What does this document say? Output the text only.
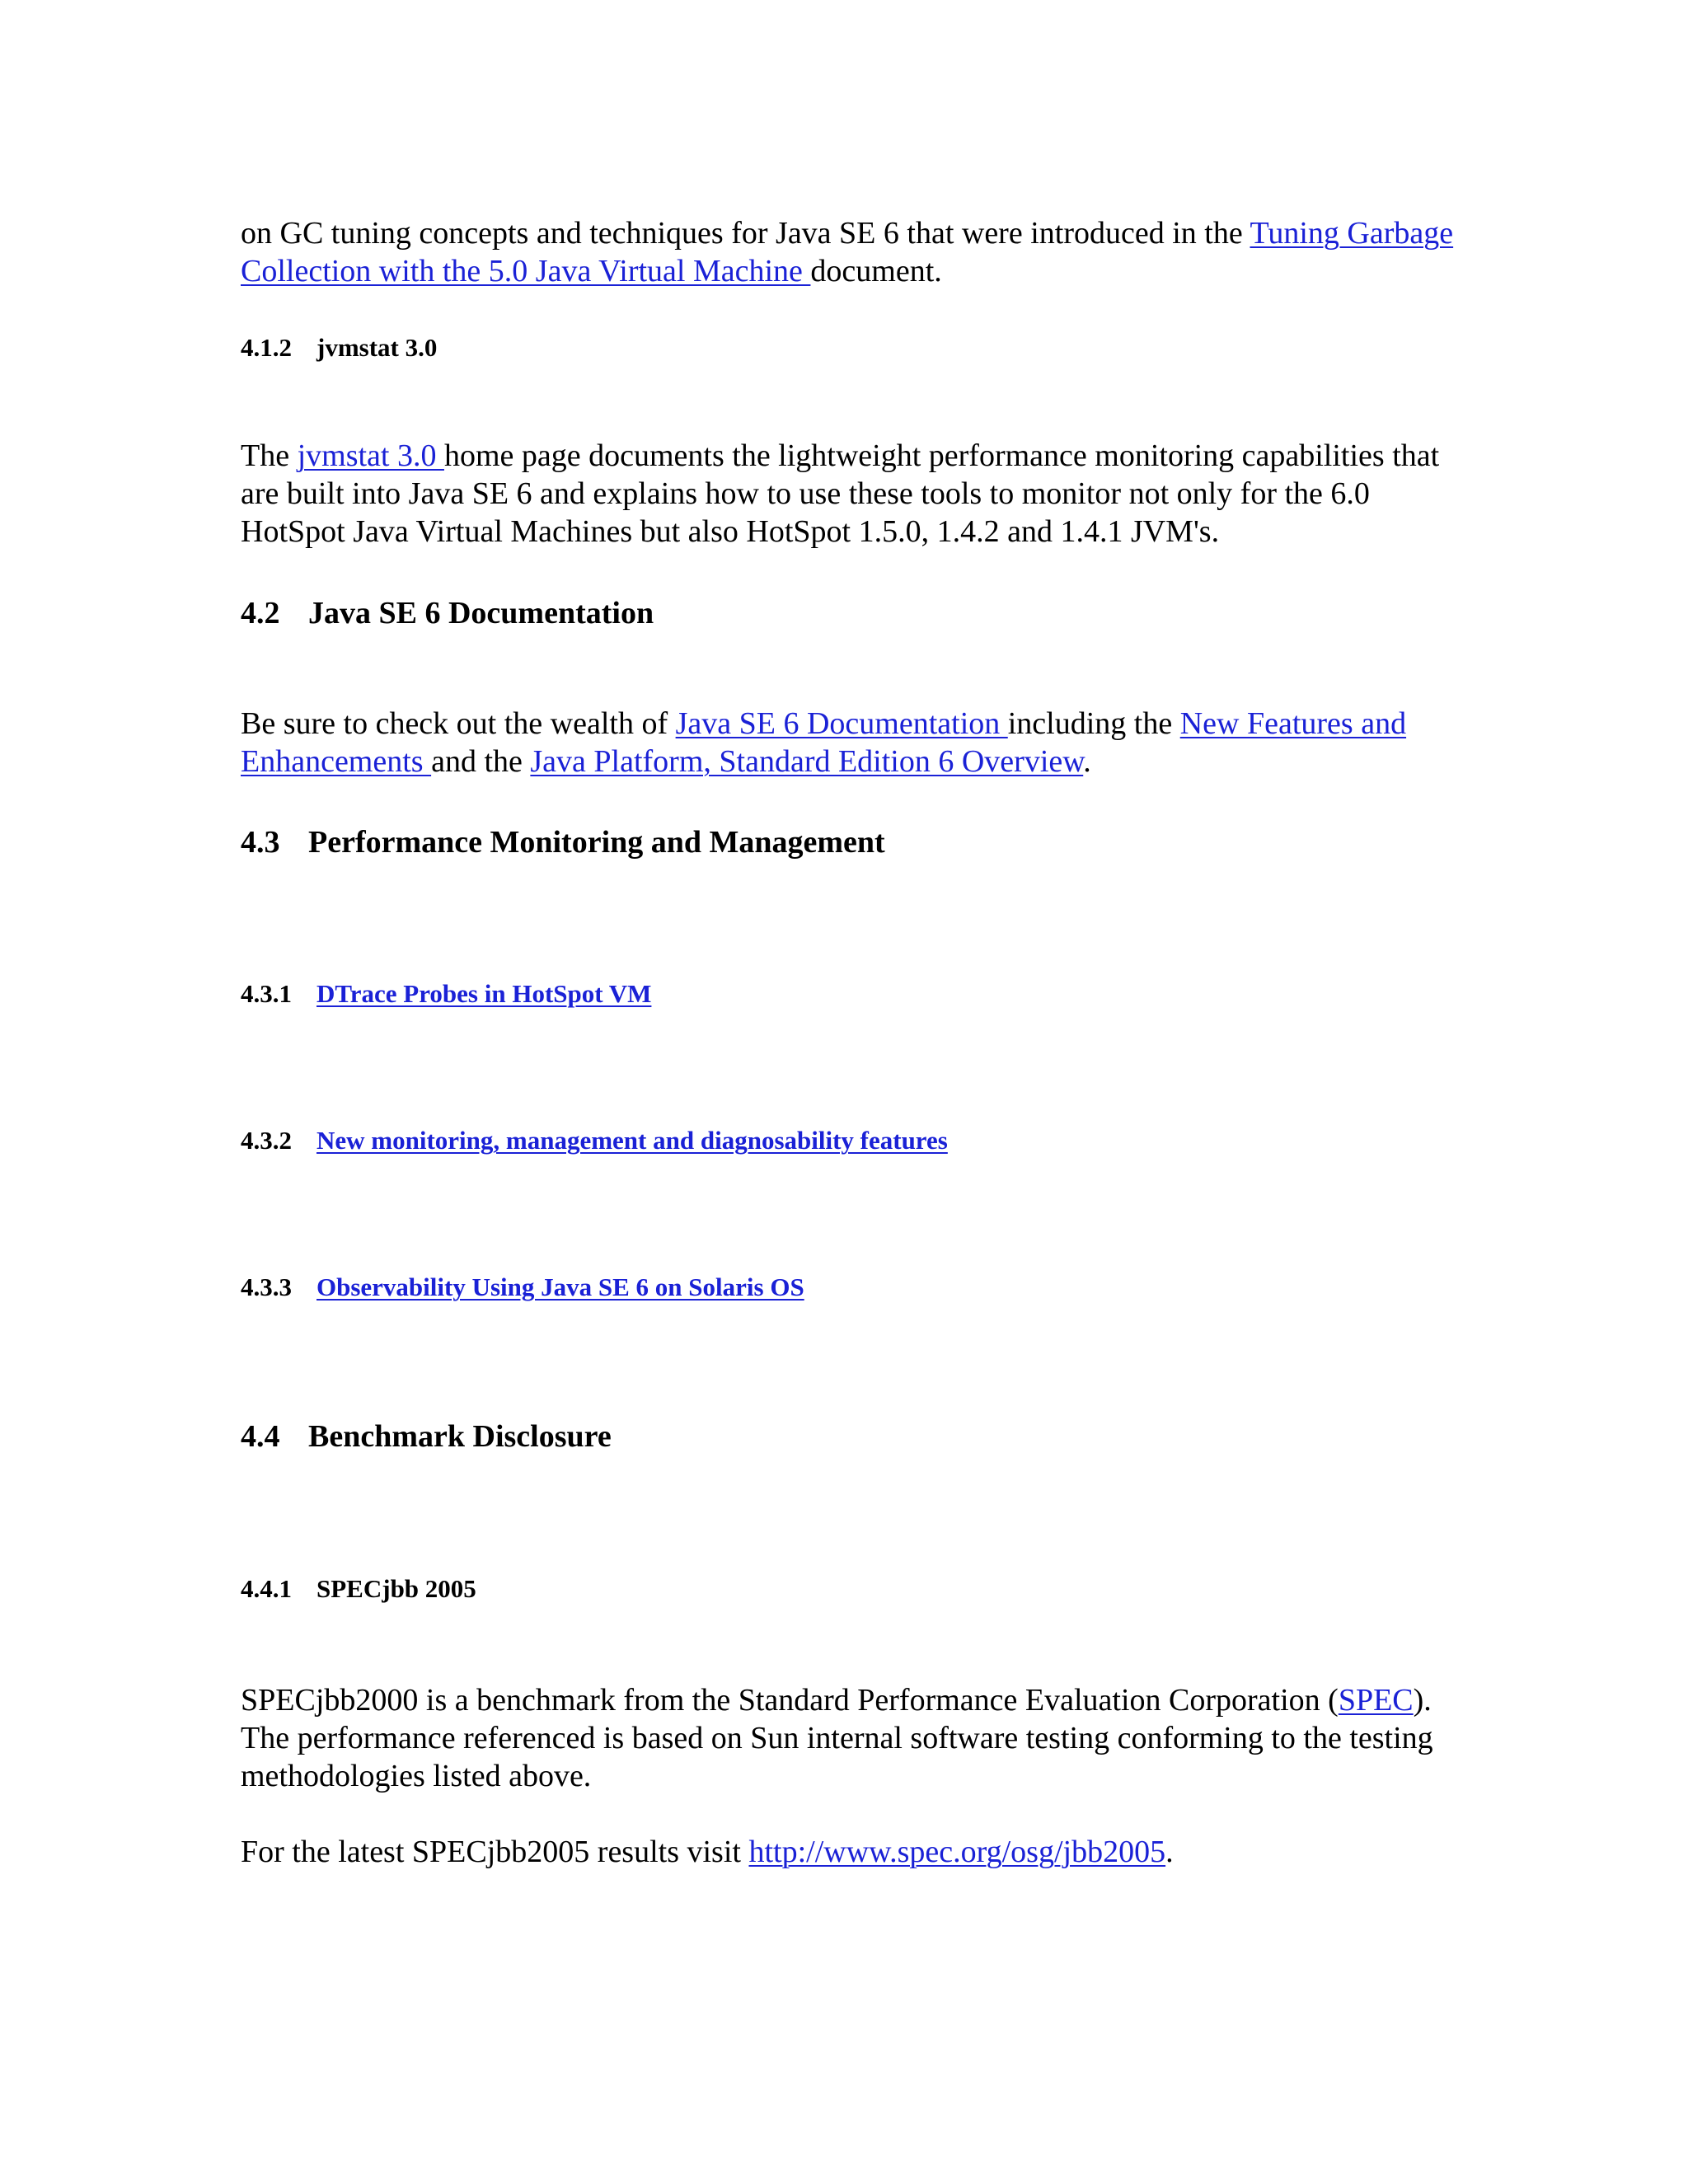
on GC tuning concepts and techniques for Java SE 6 that were introduced in the Tuning Garbage Collection with the 5.0 Java Virtual Machine document.

4.1.2 jvmstat 3.0

The jvmstat 3.0 home page documents the lightweight performance monitoring capabilities that are built into Java SE 6 and explains how to use these tools to monitor not only for the 6.0 HotSpot Java Virtual Machines but also HotSpot 1.5.0, 1.4.2 and 1.4.1 JVM's.

4.2 Java SE 6 Documentation

Be sure to check out the wealth of Java SE 6 Documentation including the New Features and Enhancements and the Java Platform, Standard Edition 6 Overview.

4.3 Performance Monitoring and Management
4.3.1 DTrace Probes in HotSpot VM
4.3.2 New monitoring, management and diagnosability features
4.3.3 Observability Using Java SE 6 on Solaris OS
4.4 Benchmark Disclosure
4.4.1 SPECjbb 2005

SPECjbb2000 is a benchmark from the Standard Performance Evaluation Corporation (SPEC). The performance referenced is based on Sun internal software testing conforming to the testing methodologies listed above.

For the latest SPECjbb2005 results visit http://www.spec.org/osg/jbb2005.
